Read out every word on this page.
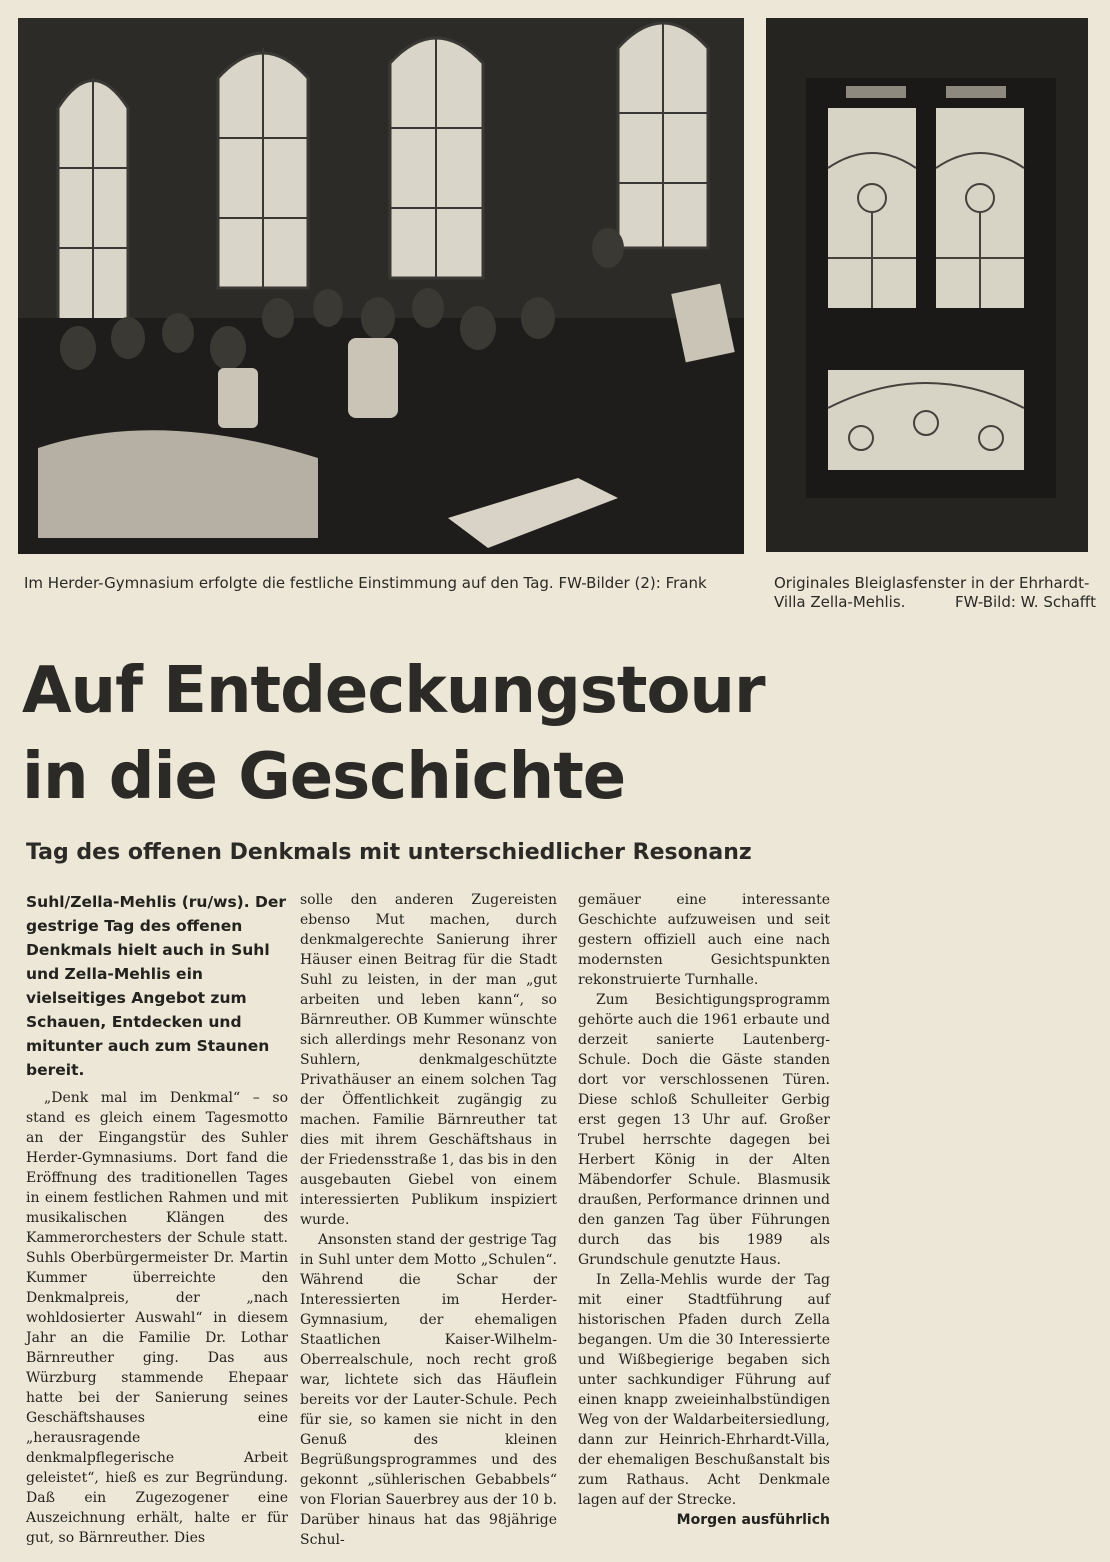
Im Herder-Gymnasium erfolgte die festliche Einstimmung auf den Tag. FW-Bilder (2): Frank	Originales Bleiglasfenster in der Ehrhardt-
Villa Zella-Mehlis.	FW-Bild: W. Schafft
Auf Entdeckungstour
in die Geschichte
Tag des offenen Denkmals mit unterschiedlicher Resonanz
Suhl/Zella-Mehlis (ru/ws). Der gestrige Tag des offenen Denkmals hielt auch in Suhl und Zella-Mehlis ein vielseitiges Angebot zum Schauen, Entdecken und mitunter auch zum Staunen bereit.

„Denk mal im Denkmal“ – so stand es gleich einem Tagesmotto an der Eingangstür des Suhler Herder-Gymnasiums. Dort fand die Eröffnung des traditionellen Tages in einem festlichen Rahmen und mit musikalischen Klängen des Kammerorchesters der Schule statt. Suhls Oberbürgermeister Dr. Martin Kummer überreichte den Denkmalpreis, der „nach wohldosierter Auswahl“ in diesem Jahr an die Familie Dr. Lothar Bärnreuther ging. Das aus Würzburg stammende Ehepaar hatte bei der Sanierung seines Geschäftshauses eine „herausragende denkmalpflegerische Arbeit geleistet“, hieß es zur Begründung. Daß ein Zugezogener eine Auszeichnung erhält, halte er für gut, so Bärnreuther. Dies

solle den anderen Zugereisten ebenso Mut machen, durch denkmalgerechte Sanierung ihrer Häuser einen Beitrag für die Stadt Suhl zu leisten, in der man „gut arbeiten und leben kann“, so Bärnreuther. OB Kummer wünschte sich allerdings mehr Resonanz von Suhlern, denkmalgeschützte Privathäuser an einem solchen Tag der Öffentlichkeit zugängig zu machen. Familie Bärnreuther tat dies mit ihrem Geschäftshaus in der Friedensstraße 1, das bis in den ausgebauten Giebel von einem interessierten Publikum inspiziert wurde.

Ansonsten stand der gestrige Tag in Suhl unter dem Motto „Schulen“. Während die Schar der Interessierten im Herder-Gymnasium, der ehemaligen Staatlichen Kaiser-Wilhelm-Oberrealschule, noch recht groß war, lichtete sich das Häuflein bereits vor der Lauter-Schule. Pech für sie, so kamen sie nicht in den Genuß des kleinen Begrüßungsprogrammes und des gekonnt „sühlerischen Gebabbels“ von Florian Sauerbrey aus der 10 b. Darüber hinaus hat das 98jährige Schul-

gemäuer eine interessante Geschichte aufzuweisen und seit gestern offiziell auch eine nach modernsten Gesichtspunkten rekonstruierte Turnhalle.

Zum Besichtigungsprogramm gehörte auch die 1961 erbaute und derzeit sanierte Lautenberg-Schule. Doch die Gäste standen dort vor verschlossenen Türen. Diese schloß Schulleiter Gerbig erst gegen 13 Uhr auf. Großer Trubel herrschte dagegen bei Herbert König in der Alten Mäbendorfer Schule. Blasmusik draußen, Performance drinnen und den ganzen Tag über Führungen durch das bis 1989 als Grundschule genutzte Haus.

In Zella-Mehlis wurde der Tag mit einer Stadtführung auf historischen Pfaden durch Zella begangen. Um die 30 Interessierte und Wißbegierige begaben sich unter sachkundiger Führung auf einen knapp zweieinhalbstündigen Weg von der Waldarbeitersiedlung, dann zur Heinrich-Ehrhardt-Villa, der ehemaligen Beschußanstalt bis zum Rathaus. Acht Denkmale lagen auf der Strecke.

Morgen ausführlich
